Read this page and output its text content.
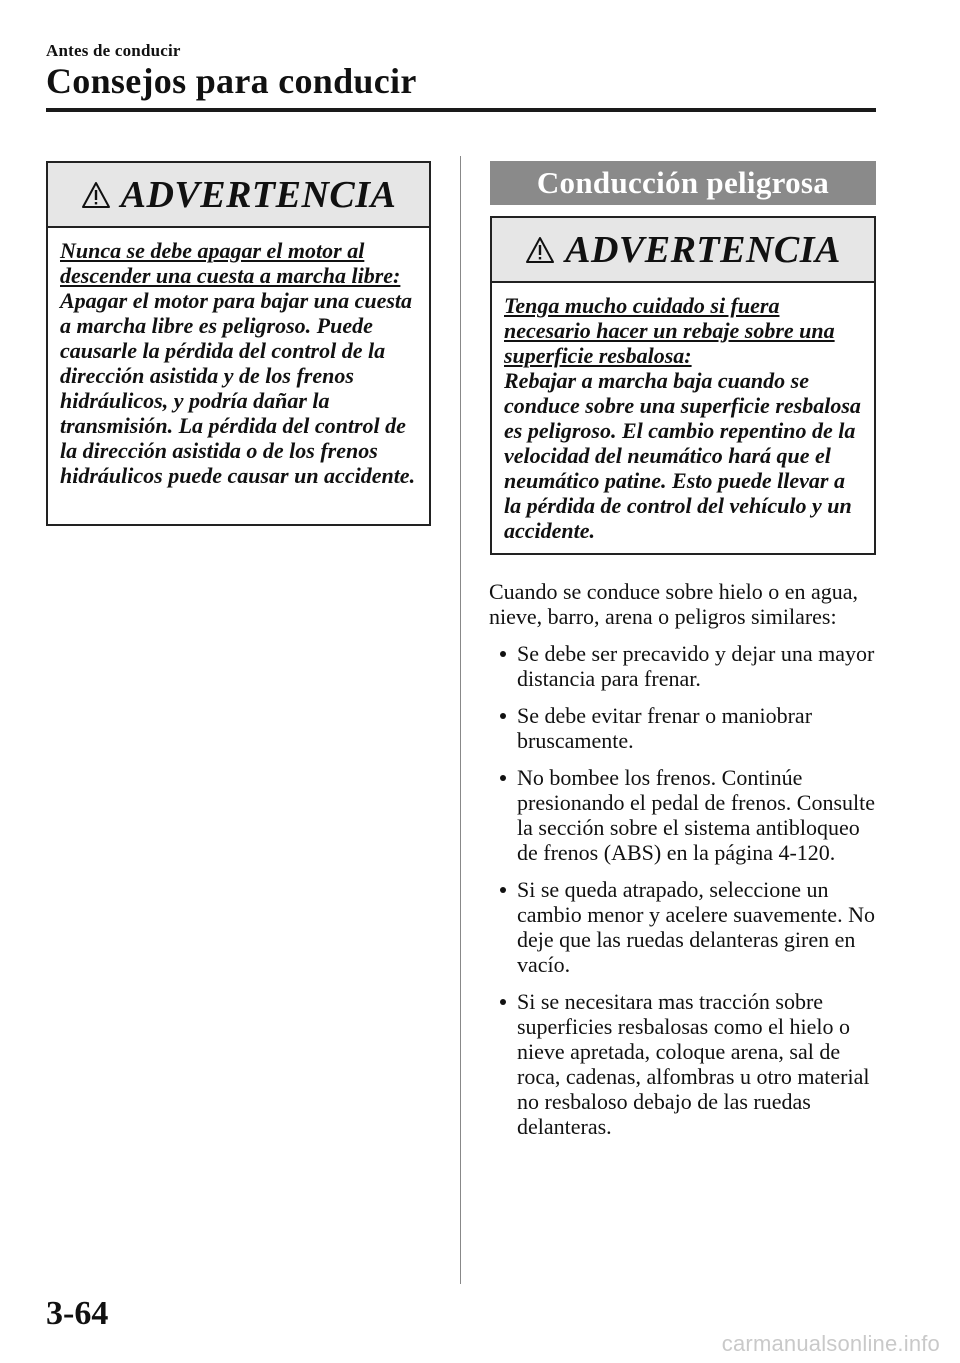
Antes de conducir
Consejos para conducir
ADVERTENCIA

Nunca se debe apagar el motor al descender una cuesta a marcha libre:

Apagar el motor para bajar una cuesta a marcha libre es peligroso. Puede causarle la pérdida del control de la dirección asistida y de los frenos hidráulicos, y podría dañar la transmisión. La pérdida del control de la dirección asistida o de los frenos hidráulicos puede causar un accidente.

Conducción peligrosa
ADVERTENCIA

Tenga mucho cuidado si fuera necesario hacer un rebaje sobre una superficie resbalosa:

Rebajar a marcha baja cuando se conduce sobre una superficie resbalosa es peligroso. El cambio repentino de la velocidad del neumático hará que el neumático patine. Esto puede llevar a la pérdida de control del vehículo y un accidente.

Cuando se conduce sobre hielo o en agua, nieve, barro, arena o peligros similares:

Se debe ser precavido y dejar una mayor distancia para frenar.
Se debe evitar frenar o maniobrar bruscamente.
No bombee los frenos. Continúe presionando el pedal de frenos. Consulte la sección sobre el sistema antibloqueo de frenos (ABS) en la página 4-120.
Si se queda atrapado, seleccione un cambio menor y acelere suavemente. No deje que las ruedas delanteras giren en vacío.
Si se necesitara mas tracción sobre superficies resbalosas como el hielo o nieve apretada, coloque arena, sal de roca, cadenas, alfombras u otro material no resbaloso debajo de las ruedas delanteras.
3-64
carmanualsonline.info
